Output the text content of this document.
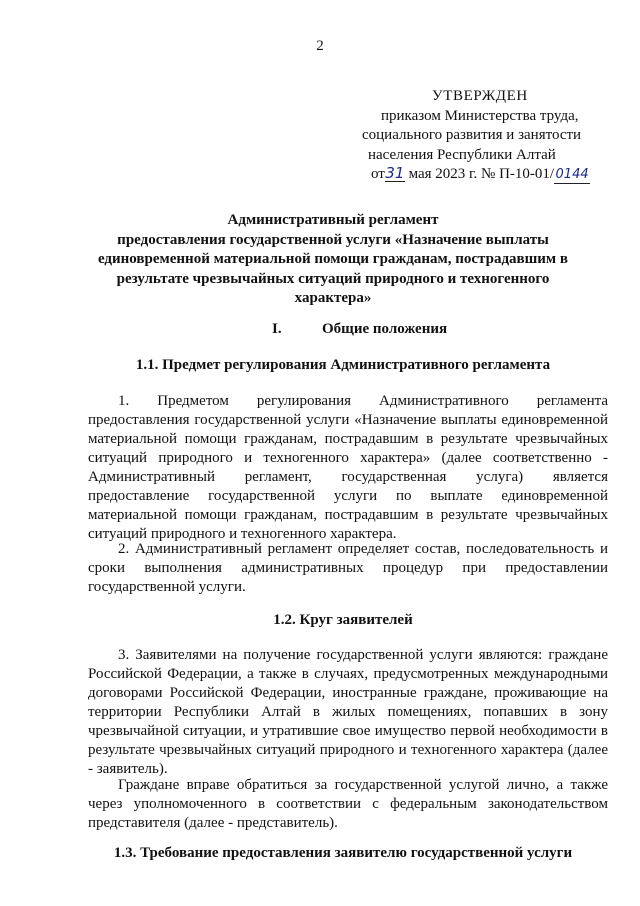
2
УТВЕРЖДЕН
приказом Министерства труда,
социального развития и занятости
населения Республики Алтай
от31 мая 2023 г. № П-10-01/0144
Административный регламент
предоставления государственной услуги «Назначение выплаты
единовременной материальной помощи гражданам, пострадавшим в
результате чрезвычайных ситуаций природного и техногенного
характера»
I.	Общие положения
1.1. Предмет регулирования Административного регламента

1. Предметом регулирования Административного регламента предоставления государственной услуги «Назначение выплаты единовременной материальной помощи гражданам, пострадавшим в результате чрезвычайных ситуаций природного и техногенного характера» (далее соответственно - Административный регламент, государственная услуга) является предоставление государственной услуги по выплате единовременной материальной помощи гражданам, пострадавшим в результате чрезвычайных ситуаций природного и техногенного характера.

2. Административный регламент определяет состав, последовательность и сроки выполнения административных процедур при предоставлении государственной услуги.

1.2. Круг заявителей

3. Заявителями на получение государственной услуги являются: граждане Российской Федерации, а также в случаях, предусмотренных международными договорами Российской Федерации, иностранные граждане, проживающие на территории Республики Алтай в жилых помещениях, попавших в зону чрезвычайной ситуации, и утратившие свое имущество первой необходимости в результате чрезвычайных ситуаций природного и техногенного характера (далее - заявитель).

Граждане вправе обратиться за государственной услугой лично, а также через уполномоченного в соответствии с федеральным законодательством представителя (далее - представитель).

1.3. Требование предоставления заявителю государственной услуги
